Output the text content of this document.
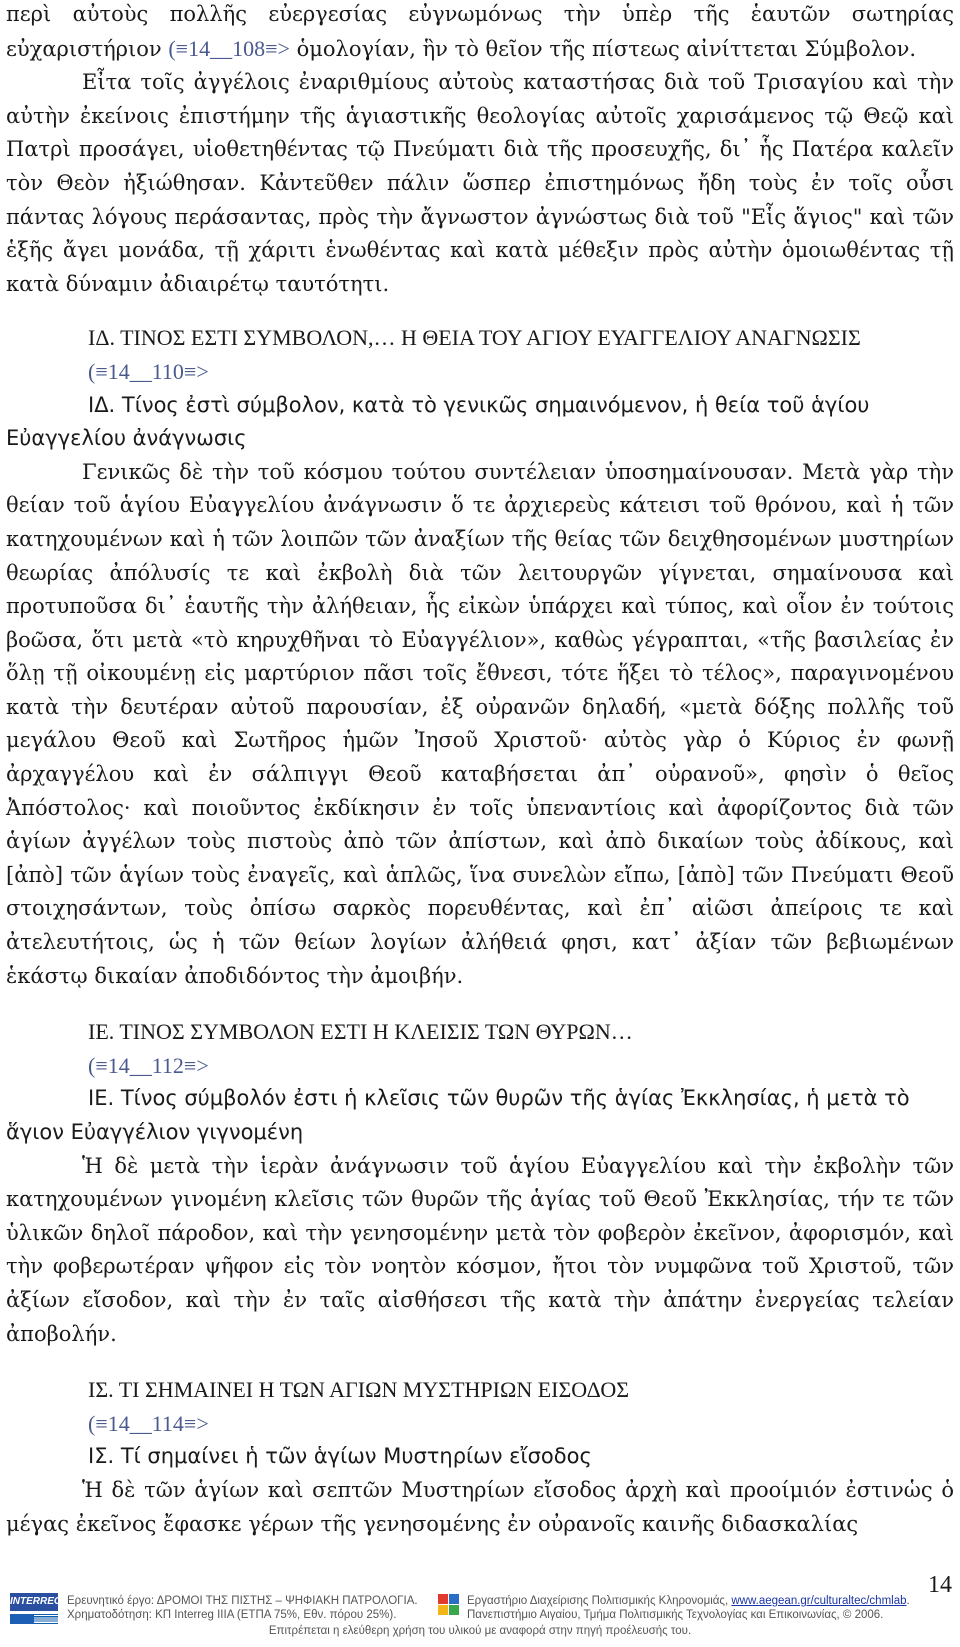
περὶ αὐτοὺς πολλῆς εὐεργεσίας εὐγνωμόνως τὴν ὑπὲρ τῆς ἑαυτῶν σωτηρίας εὐχαριστήριον (≡14__108≡> ὁμολογίαν, ἣν τὸ θεῖον τῆς πίστεως αἰνίττεται Σύμβολον.

Εἶτα τοῖς ἀγγέλοις ἐναριθμίους αὐτοὺς καταστήσας διὰ τοῦ Τρισαγίου καὶ τὴν αὐτὴν ἐκείνοις ἐπιστήμην τῆς ἁγιαστικῆς θεολογίας αὐτοῖς χαρισάμενος τῷ Θεῷ καὶ Πατρὶ προσάγει, υἱοθετηθέντας τῷ Πνεύματι διὰ τῆς προσευχῆς, δι᾽ ἧς Πατέρα καλεῖν τὸν Θεὸν ἠξιώθησαν. Κἀντεῦθεν πάλιν ὥσπερ ἐπιστημόνως ἤδη τοὺς ἐν τοῖς οὖσι πάντας λόγους περάσαντας, πρὸς τὴν ἄγνωστον ἀγνώστως διὰ τοῦ "Εἷς ἅγιος" καὶ τῶν ἑξῆς ἄγει μονάδα, τῇ χάριτι ἑνωθέντας καὶ κατὰ μέθεξιν πρὸς αὐτὴν ὁμοιωθέντας τῇ κατὰ δύναμιν ἀδιαιρέτῳ ταυτότητι.

ΙΔ. ΤΙΝΟΣ ΕΣΤΙ ΣΥΜΒΟΛΟΝ,… Η ΘΕΙΑ ΤΟΥ ΑΓΙΟΥ ΕΥΑΓΓΕΛΙΟΥ ΑΝΑΓΝΩΣΙΣ

(≡14__110≡>

ΙΔ. Τίνος ἐστὶ σύμβολον, κατὰ τὸ γενικῶς σημαινόμενον, ἡ θεία τοῦ ἁγίου Εὐαγγελίου ἀνάγνωσις

Γενικῶς δὲ τὴν τοῦ κόσμου τούτου συντέλειαν ὑποσημαίνουσαν. Μετὰ γὰρ τὴν θείαν τοῦ ἁγίου Εὐαγγελίου ἀνάγνωσιν ὅ τε ἀρχιερεὺς κάτεισι τοῦ θρόνου, καὶ ἡ τῶν κατηχουμένων καὶ ἡ τῶν λοιπῶν τῶν ἀναξίων τῆς θείας τῶν δειχθησομένων μυστηρίων θεωρίας ἀπόλυσίς τε καὶ ἐκβολὴ διὰ τῶν λειτουργῶν γίγνεται, σημαίνουσα καὶ προτυποῦσα δι᾽ ἑαυτῆς τὴν ἀλήθειαν, ἧς εἰκὼν ὑπάρχει καὶ τύπος, καὶ οἷον ἐν τούτοις βοῶσα, ὅτι μετὰ «τὸ κηρυχθῆναι τὸ Εὐαγγέλιον», καθὼς γέγραπται, «τῆς βασιλείας ἐν ὅλῃ τῇ οἰκουμένῃ εἰς μαρτύριον πᾶσι τοῖς ἔθνεσι, τότε ἥξει τὸ τέλος», παραγινομένου κατὰ τὴν δευτέραν αὐτοῦ παρουσίαν, ἐξ οὐρανῶν δηλαδή, «μετὰ δόξης πολλῆς τοῦ μεγάλου Θεοῦ καὶ Σωτῆρος ἡμῶν Ἰησοῦ Χριστοῦ· αὐτὸς γὰρ ὁ Κύριος ἐν φωνῇ ἀρχαγγέλου καὶ ἐν σάλπιγγι Θεοῦ καταβήσεται ἀπ᾽ οὐρανοῦ», φησὶν ὁ θεῖος Ἀπόστολος· καὶ ποιοῦντος ἐκδίκησιν ἐν τοῖς ὑπεναντίοις καὶ ἀφορίζοντος διὰ τῶν ἁγίων ἀγγέλων τοὺς πιστοὺς ἀπὸ τῶν ἀπίστων, καὶ ἀπὸ δικαίων τοὺς ἀδίκους, καὶ [ἀπὸ] τῶν ἁγίων τοὺς ἐναγεῖς, καὶ ἁπλῶς, ἵνα συνελὼν εἴπω, [ἀπὸ] τῶν Πνεύματι Θεοῦ στοιχησάντων, τοὺς ὀπίσω σαρκὸς πορευθέντας, καὶ ἐπ᾽ αἰῶσι ἀπείροις τε καὶ ἀτελευτήτοις, ὡς ἡ τῶν θείων λογίων ἀλήθειά φησι, κατ᾽ ἀξίαν τῶν βεβιωμένων ἑκάστῳ δικαίαν ἀποδιδόντος τὴν ἀμοιβήν.

ΙΕ. ΤΙΝΟΣ ΣΥΜΒΟΛΟΝ ΕΣΤΙ Η ΚΛΕΙΣΙΣ ΤΩΝ ΘΥΡΩΝ…

(≡14__112≡>

ΙΕ. Τίνος σύμβολόν ἐστι ἡ κλεῖσις τῶν θυρῶν τῆς ἁγίας Ἐκκλησίας, ἡ μετὰ τὸ ἅγιον Εὐαγγέλιον γιγνομένη

Ἡ δὲ μετὰ τὴν ἱερὰν ἀνάγνωσιν τοῦ ἁγίου Εὐαγγελίου καὶ τὴν ἐκβολὴν τῶν κατηχουμένων γινομένη κλεῖσις τῶν θυρῶν τῆς ἁγίας τοῦ Θεοῦ Ἐκκλησίας, τήν τε τῶν ὑλικῶν δηλοῖ πάροδον, καὶ τὴν γενησομένην μετὰ τὸν φοβερὸν ἐκεῖνον, ἀφορισμόν, καὶ τὴν φοβερωτέραν ψῆφον εἰς τὸν νοητὸν κόσμον, ἤτοι τὸν νυμφῶνα τοῦ Χριστοῦ, τῶν ἀξίων εἴσοδον, καὶ τὴν ἐν ταῖς αἰσθήσεσι τῆς κατὰ τὴν ἀπάτην ἐνεργείας τελείαν ἀποβολήν.

ΙΣ. ΤΙ ΣΗΜΑΙΝΕΙ Η ΤΩΝ ΑΓΙΩΝ ΜΥΣΤΗΡΙΩΝ ΕΙΣΟΔΟΣ

(≡14__114≡>

ΙΣ. Τί σημαίνει ἡ τῶν ἁγίων Μυστηρίων εἴσοδος

Ἡ δὲ τῶν ἁγίων καὶ σεπτῶν Μυστηρίων εἴσοδος ἀρχὴ καὶ προοίμιόν ἐστινὡς ὁ μέγας ἐκεῖνος ἔφασκε γέρων τῆς γενησομένης ἐν οὐρανοῖς καινῆς διδασκαλίας

14
INTERREG Ερευνητικό έργο: ΔΡΟΜΟΙ ΤΗΣ ΠΙΣΤΗΣ – ΨΗΦΙΑΚΗ ΠΑΤΡΟΛΟΓΙΑ.
Χρηματοδότηση: ΚΠ Interreg IIIA (ΕΤΠΑ 75%, Εθν. πόρου 25%).
Εργαστήριο Διαχείρισης Πολιτισμικής Κληρονομιάς, www.aegean.gr/culturaltec/chmlab.
Πανεπιστήμιο Αιγαίου, Τμήμα Πολιτισμικής Τεχνολογίας και Επικοινωνίας, © 2006.
Επιτρέπεται η ελεύθερη χρήση του υλικού με αναφορά στην πηγή προέλευσής του.
